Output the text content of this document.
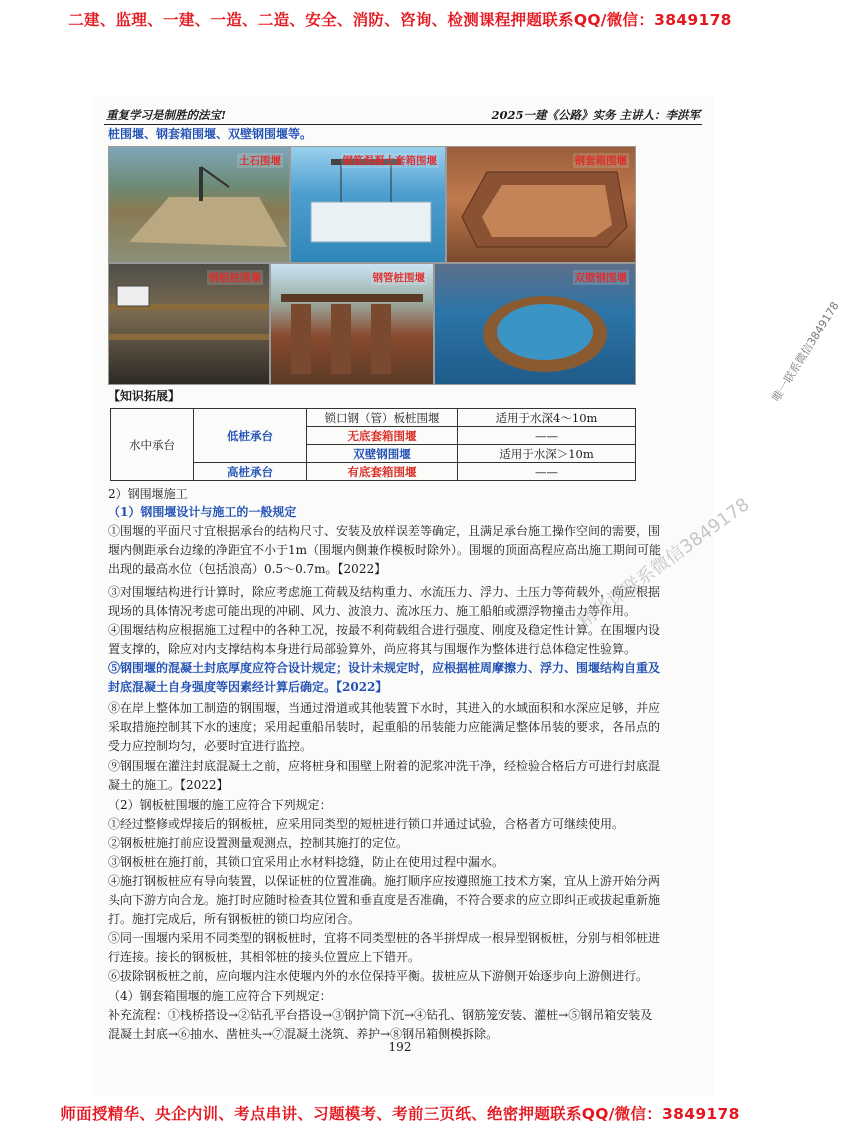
二建、监理、一建、一造、二造、安全、消防、咨询、检测课程押题联系QQ/微信：3849178
重复学习是制胜的法宝!	2025一建《公路》实务 主讲人：李洪军
桩围堰、钢套箱围堰、双壁钢围堰等。
土石围堰	钢筋混凝土套箱围堰	钢套箱围堰
钢板桩围堰	钢管桩围堰	双壁钢围堰
【知识拓展】
水中承台	低桩承台	锁口钢（管）板桩围堰	适用于水深4～10m
		无底套箱围堰	——
		双壁钢围堰	适用于水深＞10m
	高桩承台	有底套箱围堰	——
2）钢围堰施工
（1）钢围堰设计与施工的一般规定
①围堰的平面尺寸宜根据承台的结构尺寸、安装及放样误差等确定，且满足承台施工操作空间的需要，围
堰内侧距承台边缘的净距宜不小于1m（围堰内侧兼作模板时除外）。围堰的顶面高程应高出施工期间可能
出现的最高水位（包括浪高）0.5～0.7m。【2022】
③对围堰结构进行计算时，除应考虑施工荷载及结构重力、水流压力、浮力、土压力等荷载外，尚应根据
现场的具体情况考虑可能出现的冲刷、风力、波浪力、流冰压力、施工船舶或漂浮物撞击力等作用。
④围堰结构应根据施工过程中的各种工况，按最不利荷载组合进行强度、刚度及稳定性计算。在围堰内设
置支撑的，除应对内支撑结构本身进行局部验算外，尚应将其与围堰作为整体进行总体稳定性验算。
⑤钢围堰的混凝土封底厚度应符合设计规定；设计未规定时，应根据桩周摩擦力、浮力、围堰结构自重及
封底混凝土自身强度等因素经计算后确定。【2022】
⑧在岸上整体加工制造的钢围堰，当通过滑道或其他装置下水时，其进入的水域面积和水深应足够，并应
采取措施控制其下水的速度；采用起重船吊装时，起重船的吊装能力应能满足整体吊装的要求，各吊点的
受力应控制均匀，必要时宜进行监控。
⑨钢围堰在灌注封底混凝土之前，应将桩身和围壁上附着的泥浆冲洗干净，经检验合格后方可进行封底混
凝土的施工。【2022】
（2）钢板桩围堰的施工应符合下列规定：
①经过整修或焊接后的钢板桩，应采用同类型的短桩进行锁口并通过试验，合格者方可继续使用。
②钢板桩施打前应设置测量观测点，控制其施打的定位。
③钢板桩在施打前，其锁口宜采用止水材料捻缝，防止在使用过程中漏水。
④施打钢板桩应有导向装置，以保证桩的位置准确。施打顺序应按遵照施工技术方案，宜从上游开始分两
头向下游方向合龙。施打时应随时检查其位置和垂直度是否准确，不符合要求的应立即纠正或拔起重新施
打。施打完成后，所有钢板桩的锁口均应闭合。
⑤同一围堰内采用不同类型的钢板桩时，宜将不同类型桩的各半拼焊成一根异型钢板桩，分别与相邻桩进
行连接。接长的钢板桩，其相邻桩的接头位置应上下错开。
⑥拔除钢板桩之前，应向堰内注水使堰内外的水位保持平衡。拔桩应从下游侧开始逐步向上游侧进行。
（4）钢套箱围堰的施工应符合下列规定：
补充流程：①栈桥搭设→②钻孔平台搭设→③钢护筒下沉→④钻孔、钢筋笼安装、灌桩→⑤钢吊箱安装及
混凝土封底→⑥抽水、凿桩头→⑦混凝土浇筑、养护→⑧钢吊箱侧模拆除。
192
精华课联系微信3849178
唯一联系微信3849178
师面授精华、央企内训、考点串讲、习题模考、考前三页纸、绝密押题联系QQ/微信：3849178
